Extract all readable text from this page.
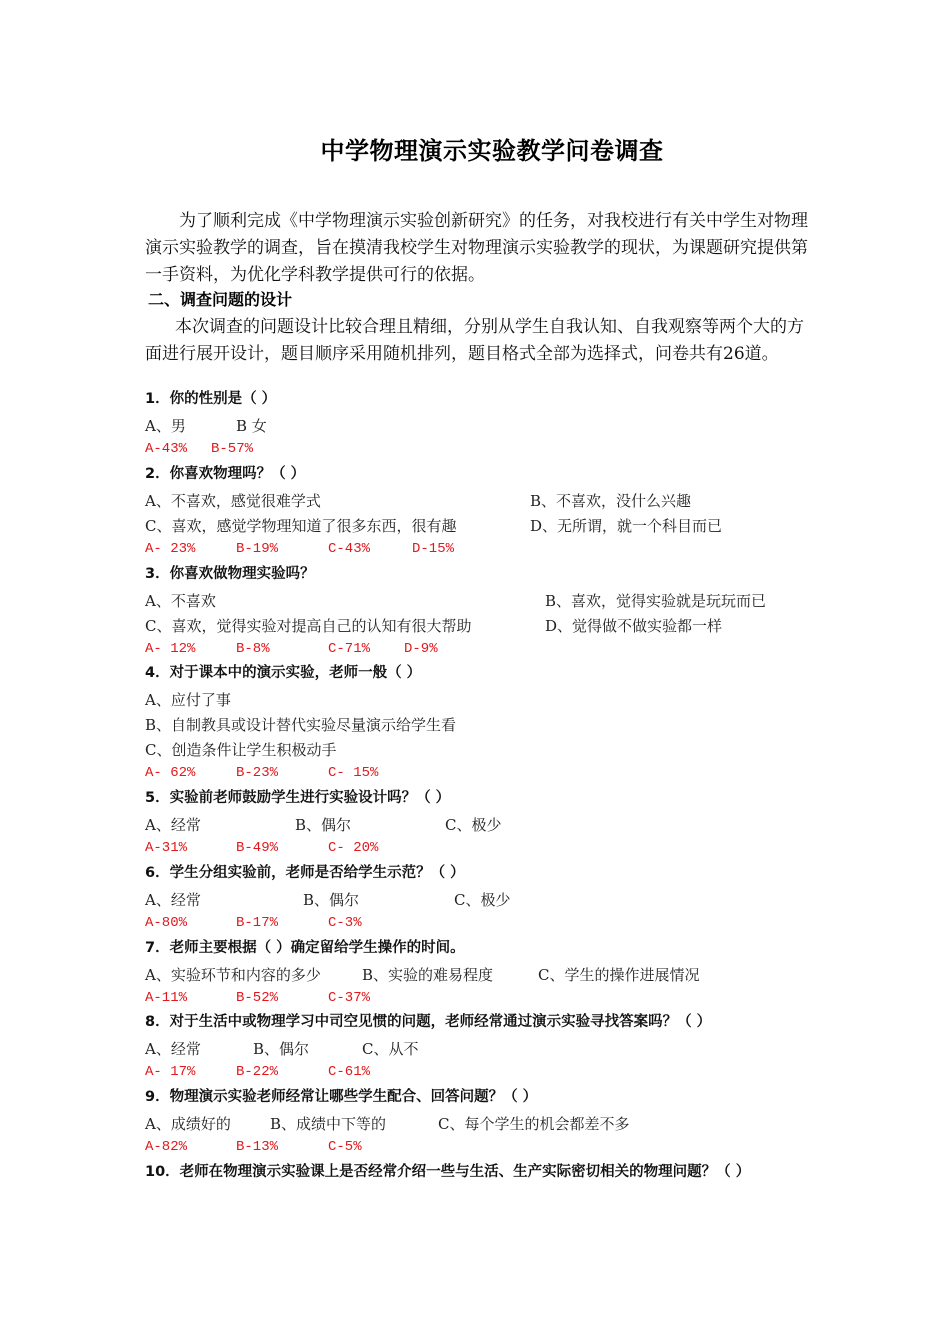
中学物理演示实验教学问卷调查
为了顺利完成《中学物理演示实验创新研究》的任务，对我校进行有关中学生对物理演示实验教学的调查，旨在摸清我校学生对物理演示实验教学的现状，为课题研究提供第一手资料，为优化学科教学提供可行的依据。
二、调查问题的设计
本次调查的问题设计比较合理且精细，分别从学生自我认知、自我观察等两个大的方面进行展开设计，题目顺序采用随机排列，题目格式全部为选择式，问卷共有26道。
1．你的性别是（ ）
A、男	B 女
A-43% B-57%
2．你喜欢物理吗？（ ）
A、不喜欢，感觉很难学式	B、不喜欢，没什么兴趣
C、喜欢，感觉学物理知道了很多东西，很有趣	D、无所谓，就一个科目而已
A- 23%	B-19%	C-43%	D-15%
3．你喜欢做物理实验吗？
A、不喜欢	B、喜欢，觉得实验就是玩玩而已
C、喜欢，觉得实验对提高自己的认知有很大帮助	D、觉得做不做实验都一样
A- 12%	B-8%	C-71% D-9%
4．对于课本中的演示实验，老师一般（ ）
A、应付了事
B、自制教具或设计替代实验尽量演示给学生看
C、创造条件让学生积极动手
A- 62%	B-23%	C- 15%
5．实验前老师鼓励学生进行实验设计吗？（ ）
A、经常	B、偶尔	C、极少
A-31%	B-49%	C- 20%
6．学生分组实验前，老师是否给学生示范？（ ）
A、经常	B、偶尔	C、极少
A-80%	B-17%	C-3%
7．老师主要根据（ ）确定留给学生操作的时间。
A、实验环节和内容的多少	B、实验的难易程度	C、学生的操作进展情况
A-11%	B-52%	C-37%
8．对于生活中或物理学习中司空见惯的问题，老师经常通过演示实验寻找答案吗？（ ）
A、经常	B、偶尔	C、从不
A- 17%	B-22%	C-61%
9．物理演示实验老师经常让哪些学生配合、回答问题？（ ）
A、成绩好的	B、成绩中下等的	C、每个学生的机会都差不多
A-82%	B-13%	C-5%
10．老师在物理演示实验课上是否经常介绍一些与生活、生产实际密切相关的物理问题？（ ）
